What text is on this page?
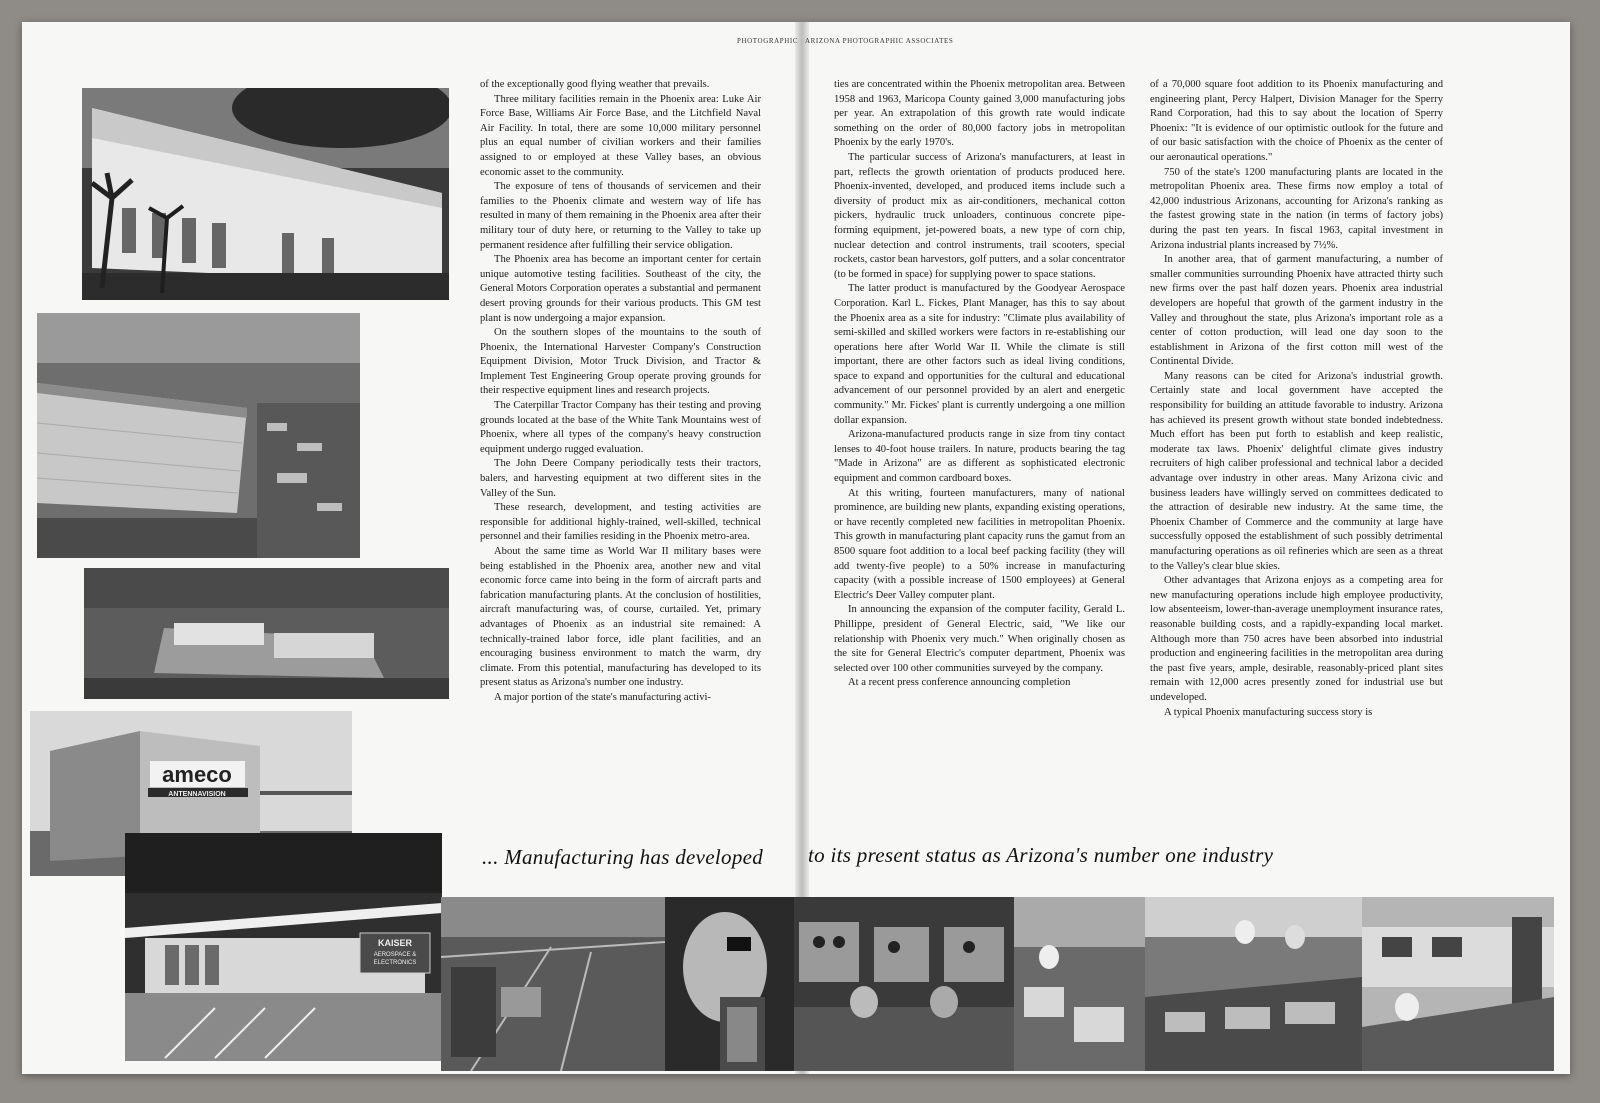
PHOTOGRAPHIC ARIZONA PHOTOGRAPHIC ASSOCIATES
ameco
ANTENNAVISION
KAISER
AEROSPACE &
ELECTRONICS

of the exceptionally good flying weather that prevails.

Three military facilities remain in the Phoenix area: Luke Air Force Base, Williams Air Force Base, and the Litchfield Naval Air Facility. In total, there are some 10,000 military personnel plus an equal number of civilian workers and their families assigned to or employed at these Valley bases, an obvious economic asset to the community.

The exposure of tens of thousands of servicemen and their families to the Phoenix climate and western way of life has resulted in many of them remaining in the Phoenix area after their military tour of duty here, or returning to the Valley to take up permanent residence after fulfilling their service obligation.

The Phoenix area has become an important center for certain unique automotive testing facilities. Southeast of the city, the General Motors Corporation operates a substantial and permanent desert proving grounds for their various products. This GM test plant is now undergoing a major expansion.

On the southern slopes of the mountains to the south of Phoenix, the International Harvester Company's Construction Equipment Division, Motor Truck Division, and Tractor & Implement Test Engineering Group operate proving grounds for their respective equipment lines and research projects.

The Caterpillar Tractor Company has their testing and proving grounds located at the base of the White Tank Mountains west of Phoenix, where all types of the company's heavy construction equipment undergo rugged evaluation.

The John Deere Company periodically tests their tractors, balers, and harvesting equipment at two different sites in the Valley of the Sun.

These research, development, and testing activities are responsible for additional highly-trained, well-skilled, technical personnel and their families residing in the Phoenix metro-area.

About the same time as World War II military bases were being established in the Phoenix area, another new and vital economic force came into being in the form of aircraft parts and fabrication manufacturing plants. At the conclusion of hostilities, aircraft manufacturing was, of course, curtailed. Yet, primary advantages of Phoenix as an industrial site remained: A technically-trained labor force, idle plant facilities, and an encouraging business environment to match the warm, dry climate. From this potential, manufacturing has developed to its present status as Arizona's number one industry.

A major portion of the state's manufacturing activi-

ties are concentrated within the Phoenix metropolitan area. Between 1958 and 1963, Maricopa County gained 3,000 manufacturing jobs per year. An extrapolation of this growth rate would indicate something on the order of 80,000 factory jobs in metropolitan Phoenix by the early 1970's.

The particular success of Arizona's manufacturers, at least in part, reflects the growth orientation of products produced here. Phoenix-invented, developed, and produced items include such a diversity of product mix as air-conditioners, mechanical cotton pickers, hydraulic truck unloaders, continuous concrete pipe-forming equipment, jet-powered boats, a new type of corn chip, nuclear detection and control instruments, trail scooters, special rockets, castor bean harvestors, golf putters, and a solar concentrator (to be formed in space) for supplying power to space stations.

The latter product is manufactured by the Goodyear Aerospace Corporation. Karl L. Fickes, Plant Manager, has this to say about the Phoenix area as a site for industry: "Climate plus availability of semi-skilled and skilled workers were factors in re-establishing our operations here after World War II. While the climate is still important, there are other factors such as ideal living conditions, space to expand and opportunities for the cultural and educational advancement of our personnel provided by an alert and energetic community." Mr. Fickes' plant is currently undergoing a one million dollar expansion.

Arizona-manufactured products range in size from tiny contact lenses to 40-foot house trailers. In nature, products bearing the tag "Made in Arizona" are as different as sophisticated electronic equipment and common cardboard boxes.

At this writing, fourteen manufacturers, many of national prominence, are building new plants, expanding existing operations, or have recently completed new facilities in metropolitan Phoenix. This growth in manufacturing plant capacity runs the gamut from an 8500 square foot addition to a local beef packing facility (they will add twenty-five people) to a 50% increase in manufacturing capacity (with a possible increase of 1500 employees) at General Electric's Deer Valley computer plant.

In announcing the expansion of the computer facility, Gerald L. Phillippe, president of General Electric, said, "We like our relationship with Phoenix very much." When originally chosen as the site for General Electric's computer department, Phoenix was selected over 100 other communities surveyed by the company.

At a recent press conference announcing completion

of a 70,000 square foot addition to its Phoenix manufacturing and engineering plant, Percy Halpert, Division Manager for the Sperry Rand Corporation, had this to say about the location of Sperry Phoenix: "It is evidence of our optimistic outlook for the future and of our basic satisfaction with the choice of Phoenix as the center of our aeronautical operations."

750 of the state's 1200 manufacturing plants are located in the metropolitan Phoenix area. These firms now employ a total of 42,000 industrious Arizonans, accounting for Arizona's ranking as the fastest growing state in the nation (in terms of factory jobs) during the past ten years. In fiscal 1963, capital investment in Arizona industrial plants increased by 7½%.

In another area, that of garment manufacturing, a number of smaller communities surrounding Phoenix have attracted thirty such new firms over the past half dozen years. Phoenix area industrial developers are hopeful that growth of the garment industry in the Valley and throughout the state, plus Arizona's important role as a center of cotton production, will lead one day soon to the establishment in Arizona of the first cotton mill west of the Continental Divide.

Many reasons can be cited for Arizona's industrial growth. Certainly state and local government have accepted the responsibility for building an attitude favorable to industry. Arizona has achieved its present growth without state bonded indebtedness. Much effort has been put forth to establish and keep realistic, moderate tax laws. Phoenix' delightful climate gives industry recruiters of high caliber professional and technical labor a decided advantage over industry in other areas. Many Arizona civic and business leaders have willingly served on committees dedicated to the attraction of desirable new industry. At the same time, the Phoenix Chamber of Commerce and the community at large have successfully opposed the establishment of such possibly detrimental manufacturing operations as oil refineries which are seen as a threat to the Valley's clear blue skies.

Other advantages that Arizona enjoys as a competing area for new manufacturing operations include high employee productivity, low absenteeism, lower-than-average unemployment insurance rates, reasonable building costs, and a rapidly-expanding local market. Although more than 750 acres have been absorbed into industrial production and engineering facilities in the metropolitan area during the past five years, ample, desirable, reasonably-priced plant sites remain with 12,000 acres presently zoned for industrial use but undeveloped.

A typical Phoenix manufacturing success story is

... Manufacturing has developed to its present status as Arizona's number one industry
